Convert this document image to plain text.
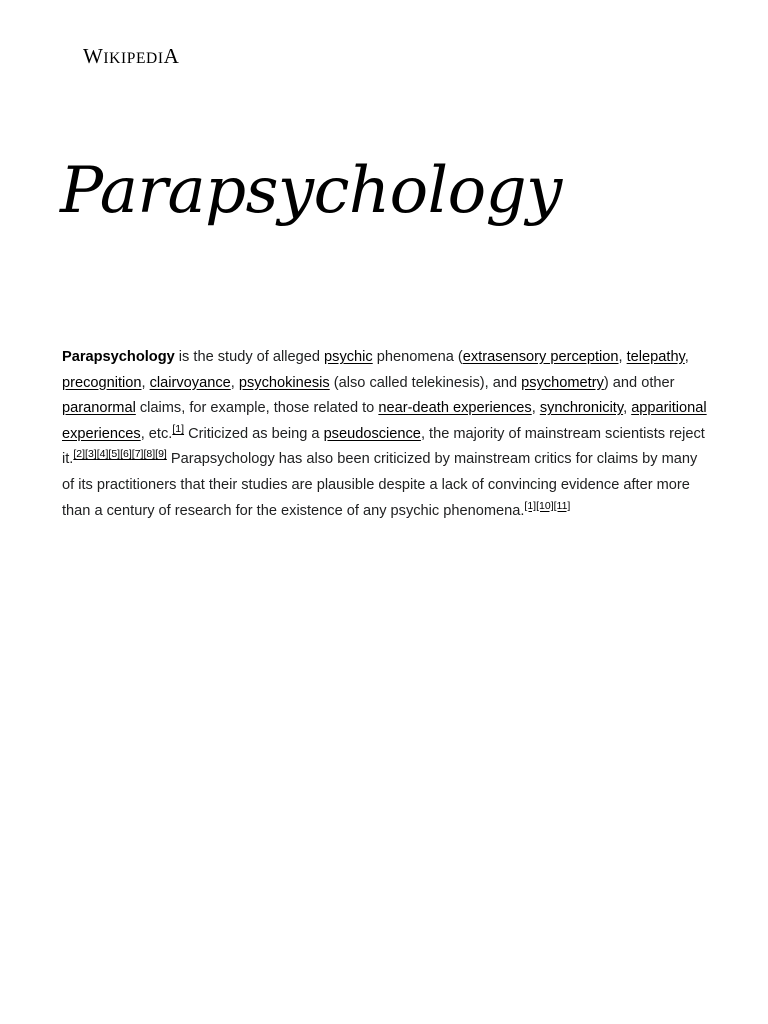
WIKIPEDIA
Parapsychology

Parapsychology is the study of alleged psychic phenomena (extrasensory perception, telepathy, precognition, clairvoyance, psychokinesis (also called telekinesis), and psychometry) and other paranormal claims, for example, those related to near-death experiences, synchronicity, apparitional experiences, etc.[1] Criticized as being a pseudoscience, the majority of mainstream scientists reject it.[2][3][4][5][6][7][8][9] Parapsychology has also been criticized by mainstream critics for claims by many of its practitioners that their studies are plausible despite a lack of convincing evidence after more than a century of research for the existence of any psychic phenomena.[1][10][11]
